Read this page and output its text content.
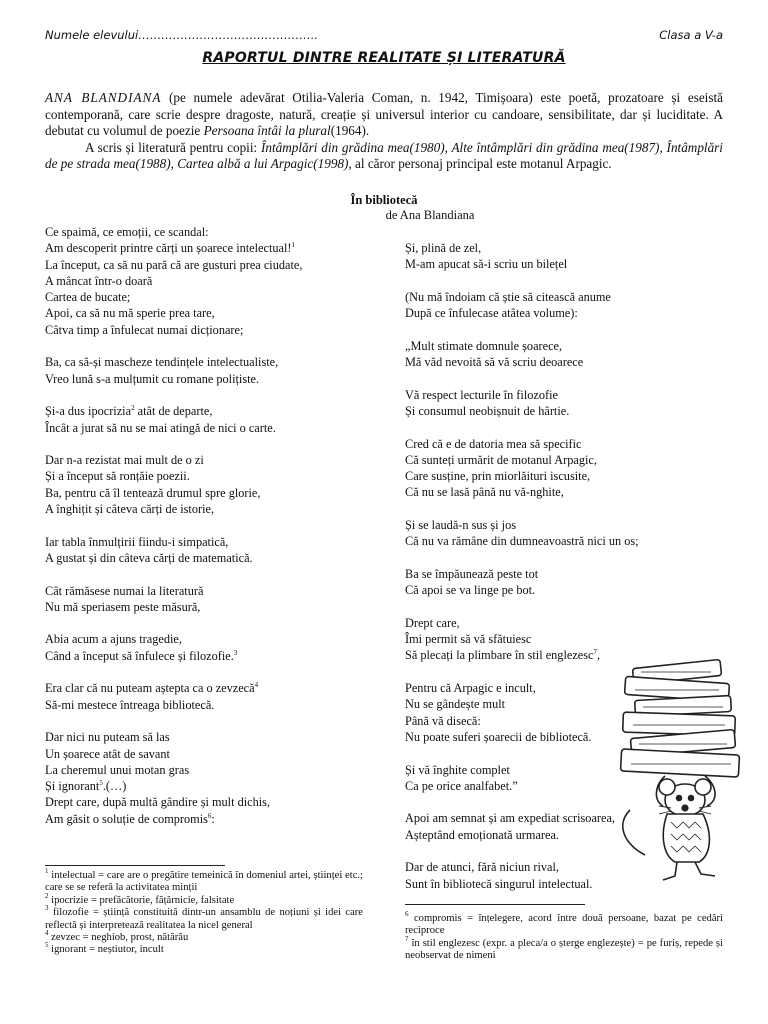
Numele elevului………………………………………..	Clasa a V-a
RAPORTUL DINTRE REALITATE ȘI LITERATURĂ

ANA BLANDIANA (pe numele adevărat Otilia-Valeria Coman, n. 1942, Timișoara) este poetă, prozatoare și eseistă contemporană, care scrie despre dragoste, natură, creație și universul interior cu candoare, sensibilitate, dar și luciditate. A debutat cu volumul de poezie Persoana întâi la plural(1964).

A scris și literatură pentru copii: Întâmplări din grădina mea(1980), Alte întâmplări din grădina mea(1987), Întâmplări de pe strada mea(1988), Cartea albă a lui Arpagic(1998), al căror personaj principal este motanul Arpagic.

În bibliotecă
de Ana Blandiana
Ce spaimă, ce emoții, ce scandal:
Am descoperit printre cărți un șoarece intelectual!$^1$
La început, ca să nu pară că are gusturi prea ciudate,
A mâncat într-o doară
Cartea de bucate;
Apoi, ca să nu mă sperie prea tare,
Câtva timp a înfulecat numai dicționare;
Ba, ca să-și mascheze tendințele intelectualiste,
Vreo lună s-a mulțumit cu romane polițiste.
Și-a dus ipocrizia$^2$ atât de departe,
Încât a jurat să nu se mai atingă de nici o carte.
Dar n-a rezistat mai mult de o zi
Și a început să ronțăie poezii.
Ba, pentru că îl tentează drumul spre glorie,
A înghițit și câteva cărți de istorie,
Iar tabla înmulțirii fiindu-i simpatică,
A gustat și din câteva cărți de matematică.
Cât rămăsese numai la literatură
Nu mă speriasem peste măsură,
Abia acum a ajuns tragedie,
Când a început să înfulece și filozofie.$^3$
Era clar că nu puteam aștepta ca o zevzecă$^4$
Să-mi mestece întreaga bibliotecă.
Dar nici nu puteam să las
Un șoarece atât de savant
La cheremul unui motan gras
Și ignorant$^5$.(…)
Drept care, după multă gândire și mult dichis,
Am găsit o soluție de compromis$^6$:
Și, plină de zel,
M-am apucat să-i scriu un bilețel
(Nu mă îndoiam că știe să citească anume
După ce înfulecase atâtea volume):
„Mult stimate domnule șoarece,
Mă văd nevoită să vă scriu deoarece
Vă respect lecturile în filozofie
Și consumul neobișnuit de hârtie.
Cred că e de datoria mea să specific
Că sunteți urmărit de motanul Arpagic,
Care susține, prin miorlăituri iscusite,
Că nu se lasă până nu vă-nghite,
Și se laudă-n sus și jos
Că nu va rămâne din dumneavoastră nici un os;
Ba se împăunează peste tot
Că apoi se va linge pe bot.
Drept care,
Îmi permit să vă sfătuiesc
Să plecați la plimbare în stil englezesc$^7$,
Pentru că Arpagic e incult,
Nu se gândește mult
Până vă disecă:
Nu poate suferi șoarecii de bibliotecă.
Și vă înghite complet
Ca pe orice analfabet.”
Apoi am semnat și am expediat scrisoarea,
Așteptând emoționată urmarea.
Dar de atunci, fără niciun rival,
Sunt în bibliotecă singurul intelectual.

$^1$ intelectual = care are o pregătire temeinică în domeniul artei, științei etc.; care se se referă la activitatea minții

$^2$ ipocrizie = prefăcătorie, fățărnicie, falsitate

$^3$ filozofie = știință constituită dintr-un ansamblu de noțiuni și idei care reflectă și interpretează realitatea la nicel general

$^4$ zevzec = neghiob, prost, nătărău

$^5$ ignorant = neștiutor, incult

$^6$ compromis = înțelegere, acord între două persoane, bazat pe cedări reciproce

$^7$ în stil englezesc (expr. a pleca/a o șterge englezește) = pe furiș, repede și neobservat de nimeni
